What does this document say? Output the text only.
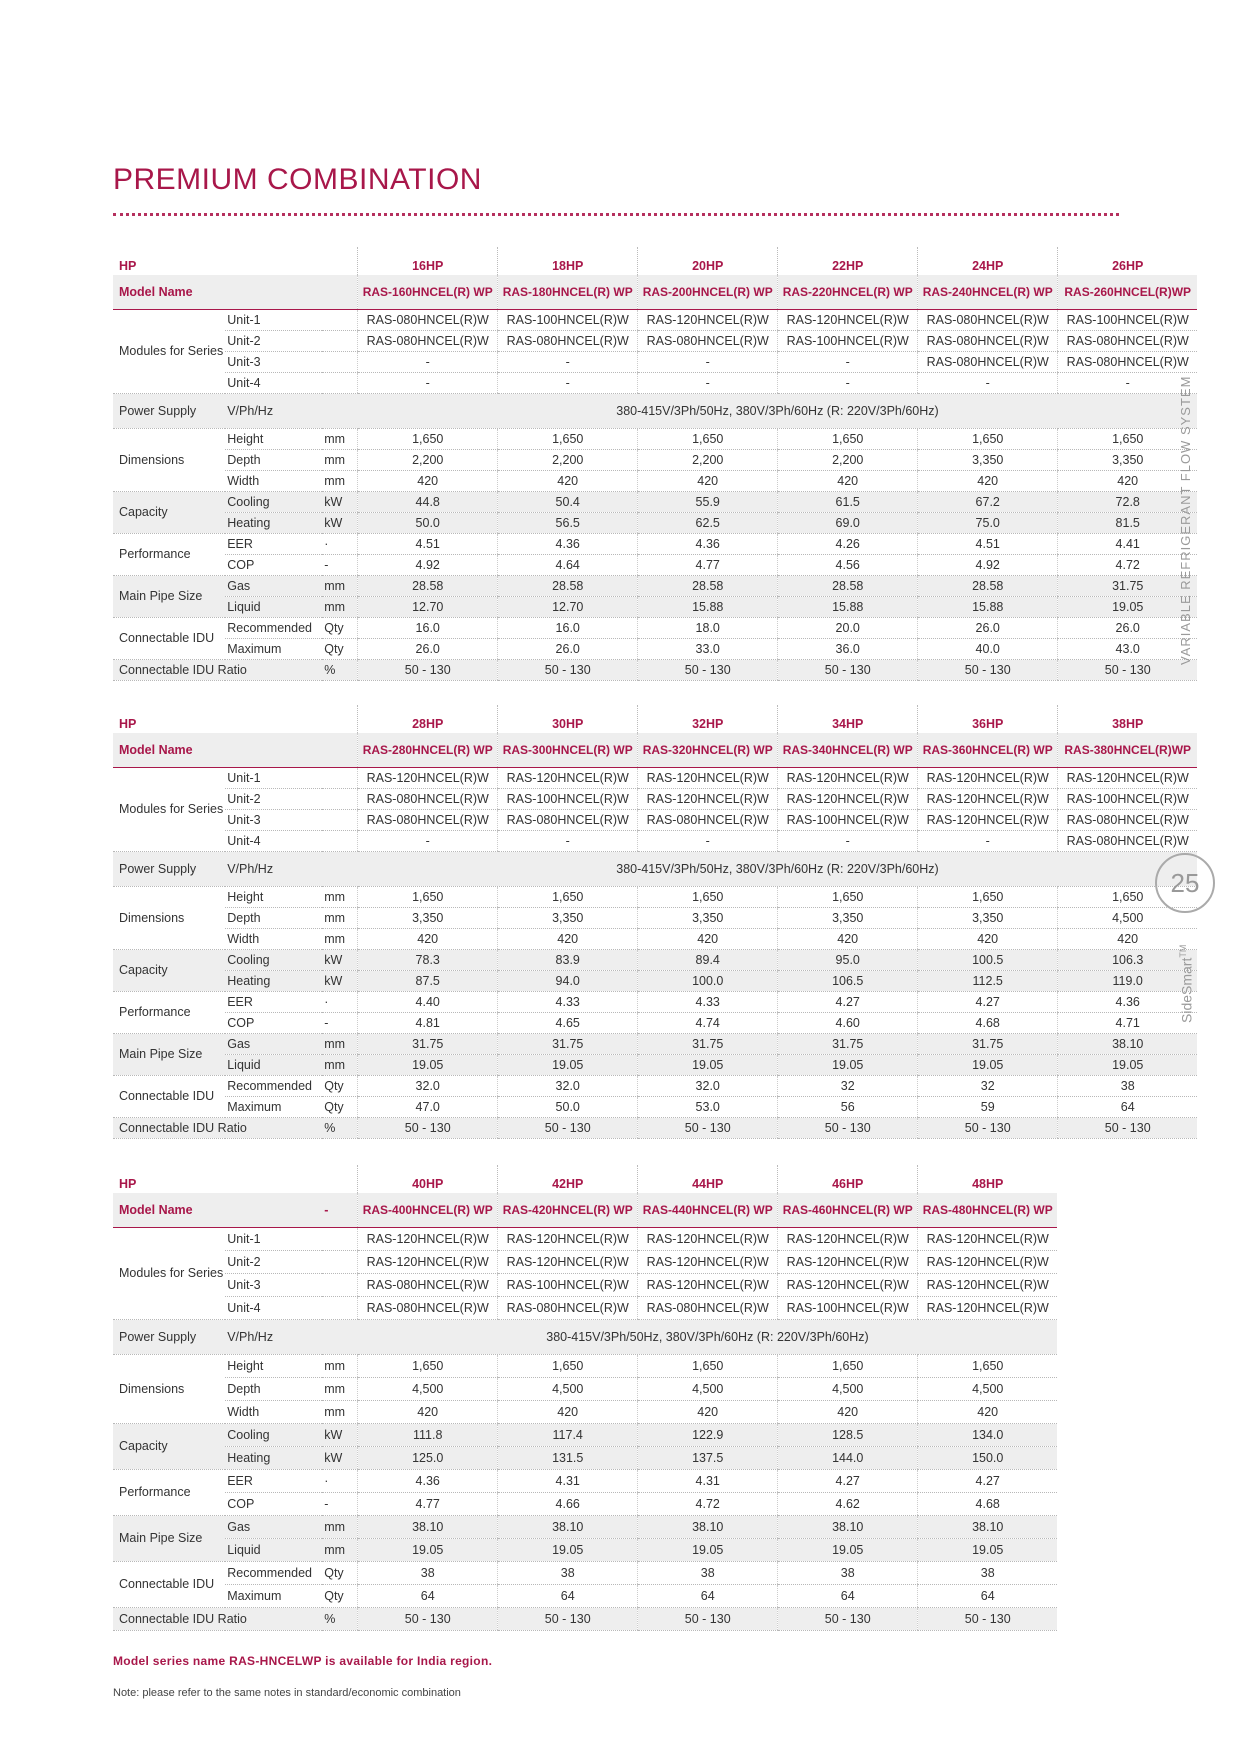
PREMIUM COMBINATION
HP			16HP	18HP	20HP	22HP	24HP	26HP
Model Name			RAS-160HNCEL(R) WP	RAS-180HNCEL(R) WP	RAS-200HNCEL(R) WP	RAS-220HNCEL(R) WP	RAS-240HNCEL(R) WP	RAS-260HNCEL(R)WP
Modules for Series	Unit-1		RAS-080HNCEL(R)W	RAS-100HNCEL(R)W	RAS-120HNCEL(R)W	RAS-120HNCEL(R)W	RAS-080HNCEL(R)W	RAS-100HNCEL(R)W
	Unit-2		RAS-080HNCEL(R)W	RAS-080HNCEL(R)W	RAS-080HNCEL(R)W	RAS-100HNCEL(R)W	RAS-080HNCEL(R)W	RAS-080HNCEL(R)W
	Unit-3		-	-	-	-	RAS-080HNCEL(R)W	RAS-080HNCEL(R)W
	Unit-4		-	-	-	-	-	-
Power Supply	V/Ph/Hz		380-415V/3Ph/50Hz, 380V/3Ph/60Hz (R: 220V/3Ph/60Hz)					
Dimensions	Height	mm	1,650	1,650	1,650	1,650	1,650	1,650
	Depth	mm	2,200	2,200	2,200	2,200	3,350	3,350
	Width	mm	420	420	420	420	420	420
Capacity	Cooling	kW	44.8	50.4	55.9	61.5	67.2	72.8
	Heating	kW	50.0	56.5	62.5	69.0	75.0	81.5
Performance	EER	·	4.51	4.36	4.36	4.26	4.51	4.41
	COP	-	4.92	4.64	4.77	4.56	4.92	4.72
Main Pipe Size	Gas	mm	28.58	28.58	28.58	28.58	28.58	31.75
	Liquid	mm	12.70	12.70	15.88	15.88	15.88	19.05
Connectable IDU	Recommended	Qty	16.0	16.0	18.0	20.0	26.0	26.0
	Maximum	Qty	26.0	26.0	33.0	36.0	40.0	43.0
Connectable IDU Ratio		%	50 - 130	50 - 130	50 - 130	50 - 130	50 - 130	50 - 130
HP			28HP	30HP	32HP	34HP	36HP	38HP
Model Name			RAS-280HNCEL(R) WP	RAS-300HNCEL(R) WP	RAS-320HNCEL(R) WP	RAS-340HNCEL(R) WP	RAS-360HNCEL(R) WP	RAS-380HNCEL(R)WP
Modules for Series	Unit-1		RAS-120HNCEL(R)W	RAS-120HNCEL(R)W	RAS-120HNCEL(R)W	RAS-120HNCEL(R)W	RAS-120HNCEL(R)W	RAS-120HNCEL(R)W
	Unit-2		RAS-080HNCEL(R)W	RAS-100HNCEL(R)W	RAS-120HNCEL(R)W	RAS-120HNCEL(R)W	RAS-120HNCEL(R)W	RAS-100HNCEL(R)W
	Unit-3		RAS-080HNCEL(R)W	RAS-080HNCEL(R)W	RAS-080HNCEL(R)W	RAS-100HNCEL(R)W	RAS-120HNCEL(R)W	RAS-080HNCEL(R)W
	Unit-4		-	-	-	-	-	RAS-080HNCEL(R)W
Power Supply	V/Ph/Hz		380-415V/3Ph/50Hz, 380V/3Ph/60Hz (R: 220V/3Ph/60Hz)					
Dimensions	Height	mm	1,650	1,650	1,650	1,650	1,650	1,650
	Depth	mm	3,350	3,350	3,350	3,350	3,350	4,500
	Width	mm	420	420	420	420	420	420
Capacity	Cooling	kW	78.3	83.9	89.4	95.0	100.5	106.3
	Heating	kW	87.5	94.0	100.0	106.5	112.5	119.0
Performance	EER	·	4.40	4.33	4.33	4.27	4.27	4.36
	COP	-	4.81	4.65	4.74	4.60	4.68	4.71
Main Pipe Size	Gas	mm	31.75	31.75	31.75	31.75	31.75	38.10
	Liquid	mm	19.05	19.05	19.05	19.05	19.05	19.05
Connectable IDU	Recommended	Qty	32.0	32.0	32.0	32	32	38
	Maximum	Qty	47.0	50.0	53.0	56	59	64
Connectable IDU Ratio		%	50 - 130	50 - 130	50 - 130	50 - 130	50 - 130	50 - 130
HP			40HP	42HP	44HP	46HP	48HP
Model Name		-	RAS-400HNCEL(R) WP	RAS-420HNCEL(R) WP	RAS-440HNCEL(R) WP	RAS-460HNCEL(R) WP	RAS-480HNCEL(R) WP
Modules for Series	Unit-1		RAS-120HNCEL(R)W	RAS-120HNCEL(R)W	RAS-120HNCEL(R)W	RAS-120HNCEL(R)W	RAS-120HNCEL(R)W
	Unit-2		RAS-120HNCEL(R)W	RAS-120HNCEL(R)W	RAS-120HNCEL(R)W	RAS-120HNCEL(R)W	RAS-120HNCEL(R)W
	Unit-3		RAS-080HNCEL(R)W	RAS-100HNCEL(R)W	RAS-120HNCEL(R)W	RAS-120HNCEL(R)W	RAS-120HNCEL(R)W
	Unit-4		RAS-080HNCEL(R)W	RAS-080HNCEL(R)W	RAS-080HNCEL(R)W	RAS-100HNCEL(R)W	RAS-120HNCEL(R)W
Power Supply	V/Ph/Hz		380-415V/3Ph/50Hz, 380V/3Ph/60Hz (R: 220V/3Ph/60Hz)				
Dimensions	Height	mm	1,650	1,650	1,650	1,650	1,650
	Depth	mm	4,500	4,500	4,500	4,500	4,500
	Width	mm	420	420	420	420	420
Capacity	Cooling	kW	111.8	117.4	122.9	128.5	134.0
	Heating	kW	125.0	131.5	137.5	144.0	150.0
Performance	EER	·	4.36	4.31	4.31	4.27	4.27
	COP	-	4.77	4.66	4.72	4.62	4.68
Main Pipe Size	Gas	mm	38.10	38.10	38.10	38.10	38.10
	Liquid	mm	19.05	19.05	19.05	19.05	19.05
Connectable IDU	Recommended	Qty	38	38	38	38	38
	Maximum	Qty	64	64	64	64	64
Connectable IDU Ratio		%	50 - 130	50 - 130	50 - 130	50 - 130	50 - 130
VARIABLE REFRIGERANT FLOW SYSTEM
25
SideSmart™
Model series name RAS-HNCELWP is available for India region.
Note: please refer to the same notes in standard/economic combination
